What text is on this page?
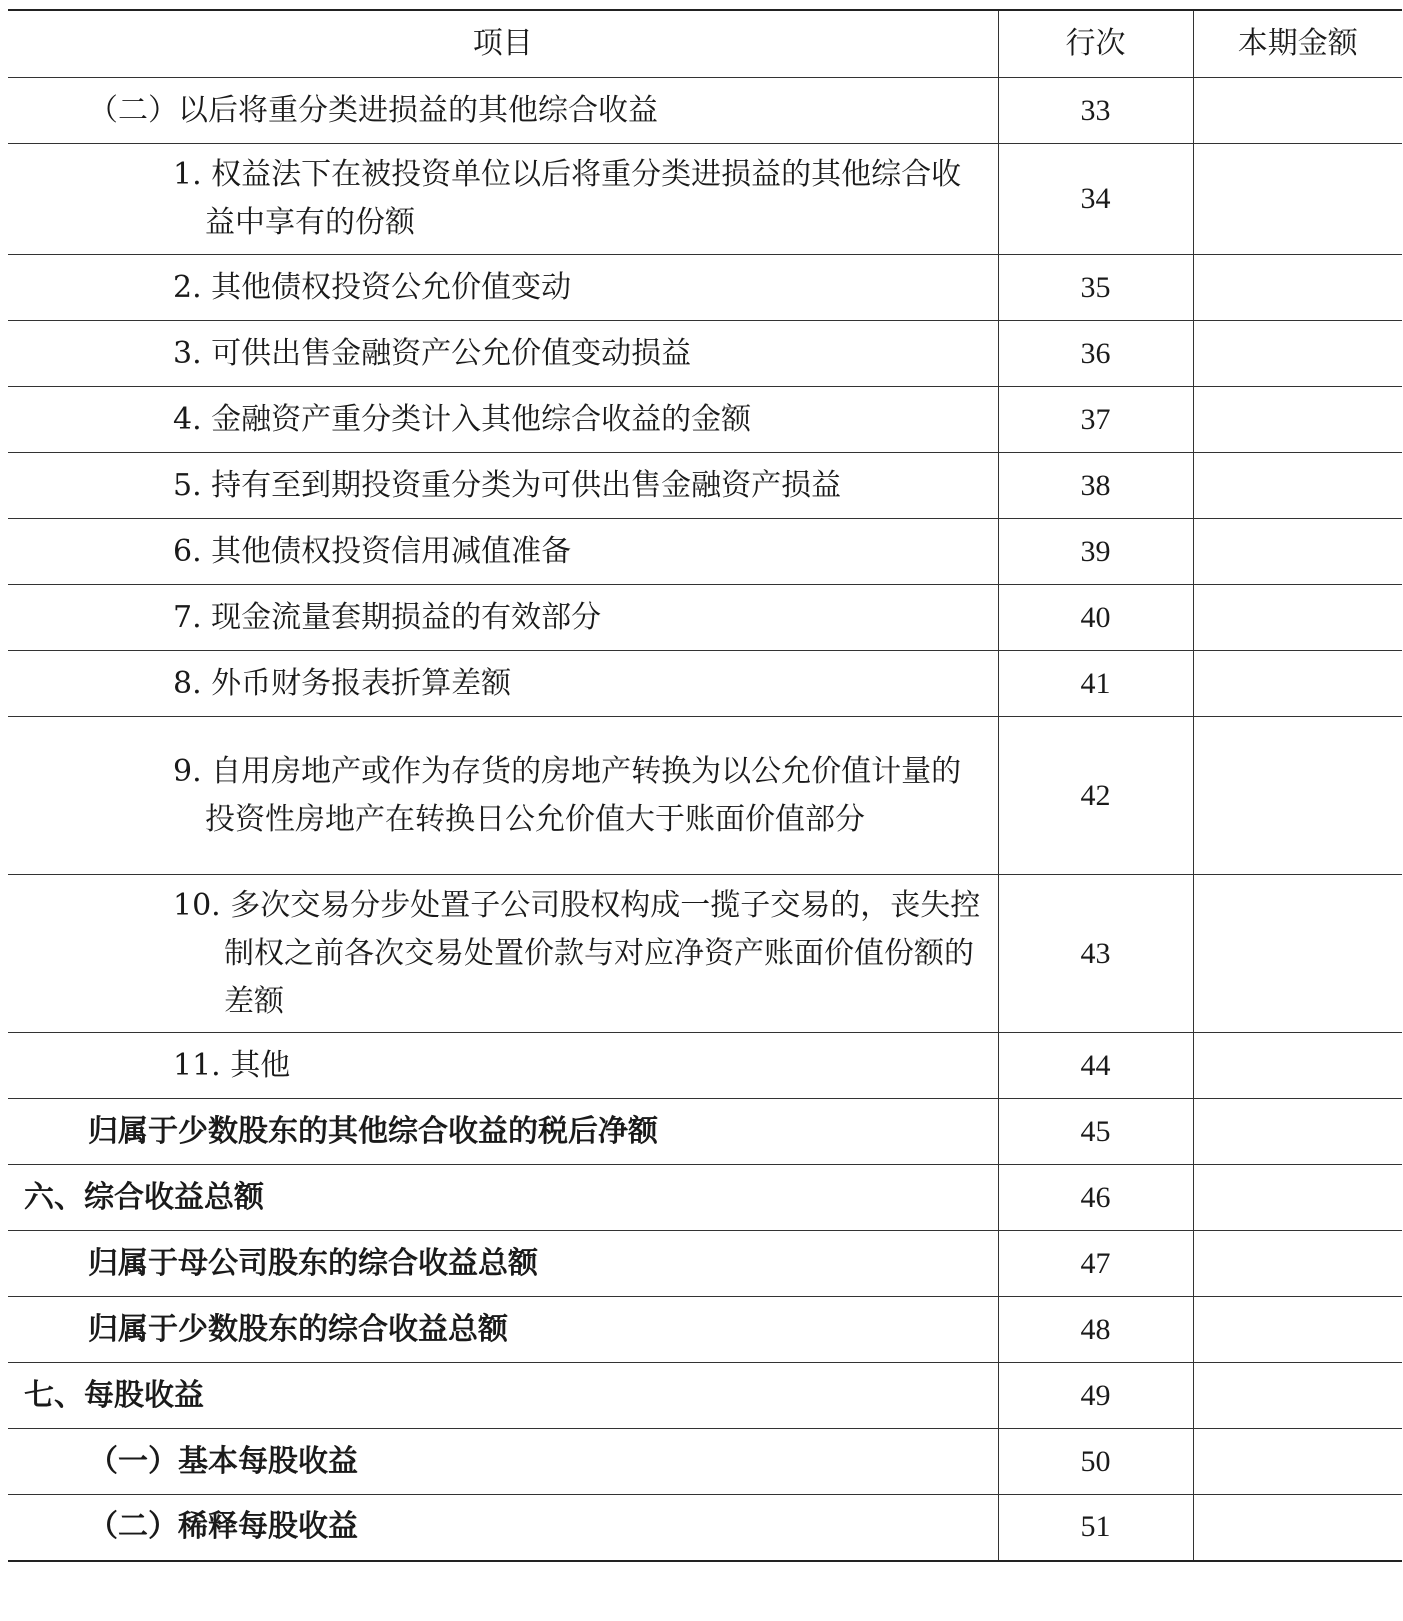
项目	行次	本期金额

（二）以后将重分类进损益的其他综合收益	33	

1. 权益法下在被投资单位以后将重分类进损益的其他综合收益中享有的份额	34	

2. 其他债权投资公允价值变动	35	

3. 可供出售金融资产公允价值变动损益	36	

4. 金融资产重分类计入其他综合收益的金额	37	

5. 持有至到期投资重分类为可供出售金融资产损益	38	

6. 其他债权投资信用减值准备	39	

7. 现金流量套期损益的有效部分	40	

8. 外币财务报表折算差额	41	

9. 自用房地产或作为存货的房地产转换为以公允价值计量的投资性房地产在转换日公允价值大于账面价值部分	42	

10. 多次交易分步处置子公司股权构成一揽子交易的，丧失控制权之前各次交易处置价款与对应净资产账面价值份额的差额	43	

11. 其他	44	

归属于少数股东的其他综合收益的税后净额	45	

六、综合收益总额	46	

归属于母公司股东的综合收益总额	47	

归属于少数股东的综合收益总额	48	

七、每股收益	49	

（一）基本每股收益	50	

（二）稀释每股收益	51	
